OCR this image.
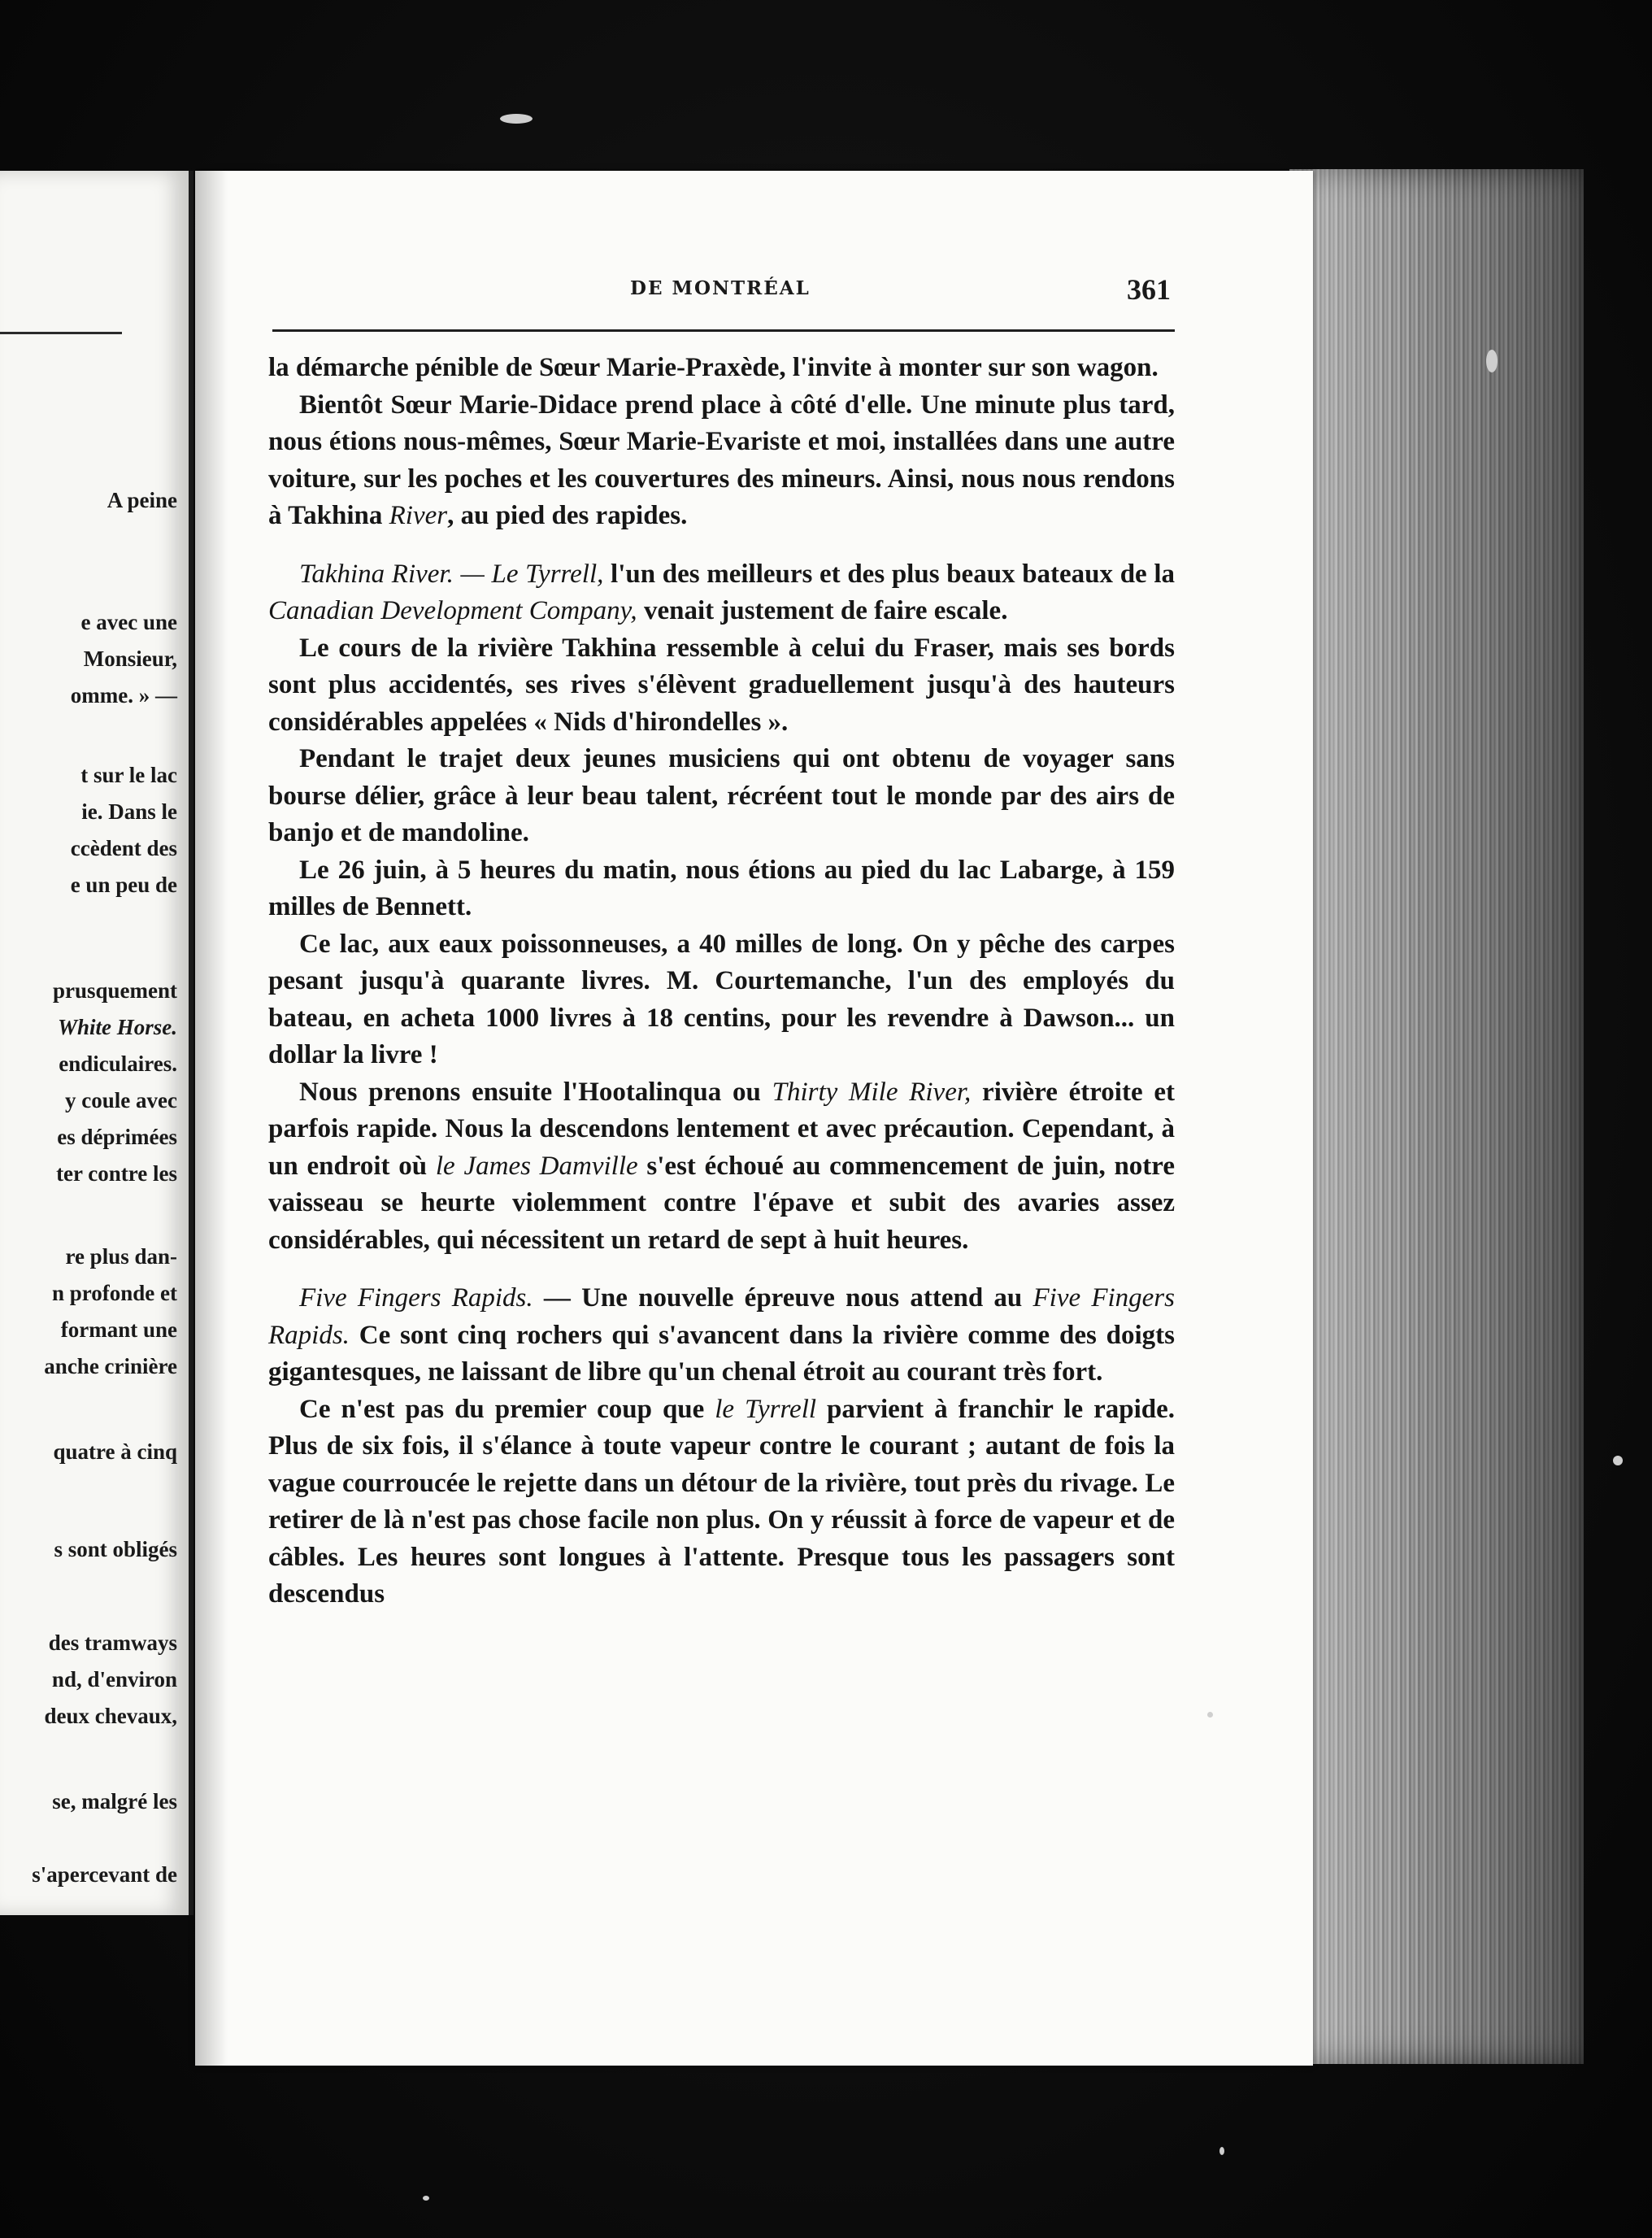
A peine
e avec une
Monsieur,
omme. » —
t sur le lac
ie. Dans le
ccèdent des
e un peu de
prusquement
White Horse.
endiculaires.
y coule avec
es déprimées
ter contre les
re plus dan-
n profonde et
formant une
anche crinière
quatre à cinq
s sont obligés
des tramways
nd, d'environ
deux chevaux,
se, malgré les
s'apercevant de
DE MONTRÉAL	361

la démarche pénible de Sœur Marie-Praxède, l'invite à monter sur son wagon.

Bientôt Sœur Marie-Didace prend place à côté d'elle. Une minute plus tard, nous étions nous-mêmes, Sœur Marie-Evariste et moi, installées dans une autre voiture, sur les poches et les couvertures des mineurs. Ainsi, nous nous rendons à Takhina River, au pied des rapides.

Takhina River. — Le Tyrrell, l'un des meilleurs et des plus beaux bateaux de la Canadian Development Company, venait justement de faire escale.

Le cours de la rivière Takhina ressemble à celui du Fraser, mais ses bords sont plus accidentés, ses rives s'élèvent graduellement jusqu'à des hauteurs considérables appelées « Nids d'hirondelles ».

Pendant le trajet deux jeunes musiciens qui ont obtenu de voyager sans bourse délier, grâce à leur beau talent, récréent tout le monde par des airs de banjo et de mandoline.

Le 26 juin, à 5 heures du matin, nous étions au pied du lac Labarge, à 159 milles de Bennett.

Ce lac, aux eaux poissonneuses, a 40 milles de long. On y pêche des carpes pesant jusqu'à quarante livres. M. Courtemanche, l'un des employés du bateau, en acheta 1000 livres à 18 centins, pour les revendre à Dawson... un dollar la livre !

Nous prenons ensuite l'Hootalinqua ou Thirty Mile River, rivière étroite et parfois rapide. Nous la descendons lentement et avec précaution. Cependant, à un endroit où le James Damville s'est échoué au commencement de juin, notre vaisseau se heurte violemment contre l'épave et subit des avaries assez considérables, qui nécessitent un retard de sept à huit heures.

Five Fingers Rapids. — Une nouvelle épreuve nous attend au Five Fingers Rapids. Ce sont cinq rochers qui s'avancent dans la rivière comme des doigts gigantesques, ne laissant de libre qu'un chenal étroit au courant très fort.

Ce n'est pas du premier coup que le Tyrrell parvient à franchir le rapide. Plus de six fois, il s'élance à toute vapeur contre le courant ; autant de fois la vague courroucée le rejette dans un détour de la rivière, tout près du rivage. Le retirer de là n'est pas chose facile non plus. On y réussit à force de vapeur et de câbles. Les heures sont longues à l'attente. Presque tous les passagers sont descendus
